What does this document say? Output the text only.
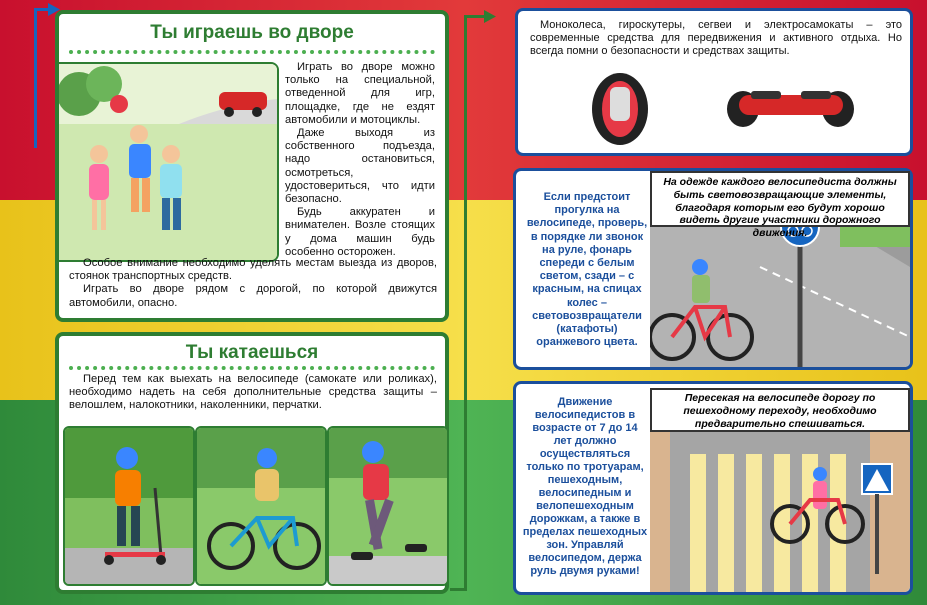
Ты играешь во дворе

Играть во дворе можно только на специальной, отведенной для игр, площадке, где не ездят автомобили и мотоциклы.

Даже выходя из собственного подъезда, надо остановиться, осмотреться, удостовериться, что идти безопасно.

Будь аккуратен и внимателен. Возле стоящих у дома машин будь особенно осторожен.

Особое внимание необходимо уделять местам выезда из дворов, стоянок транспортных средств.

Играть во дворе рядом с дорогой, по которой движутся автомобили, опасно.

Ты катаешься

Перед тем как выехать на велосипеде (самокате или роликах), необходимо надеть на себя дополнительные средства защиты – велошлем, налокотники, наколенники, перчатки.

Моноколеса, гироскутеры, сегвеи и электросамокаты – это современные средства для передвижения и активного отдыха. Но всегда помни о безопасности и средствах защиты.

Если предстоит прогулка на велосипеде, проверь, в порядке ли звонок на руле, фонарь спереди с белым светом, сзади – с красным, на спицах колес – световозвращатели (катафоты) оранжевого цвета.

На одежде каждого велосипедиста должны быть световозвращающие элементы, благодаря которым его будут хорошо видеть другие участники дорожного движения.

Движение велосипедистов в возрасте от 7 до 14 лет должно осуществляться только по тротуарам, пешеходным, велосипедным и велопешеходным дорожкам, а также в пределах пешеходных зон. Управляй велосипедом, держа руль двумя руками!

Пересекая на велосипеде дорогу по пешеходному переходу, необходимо предварительно спешиваться.
